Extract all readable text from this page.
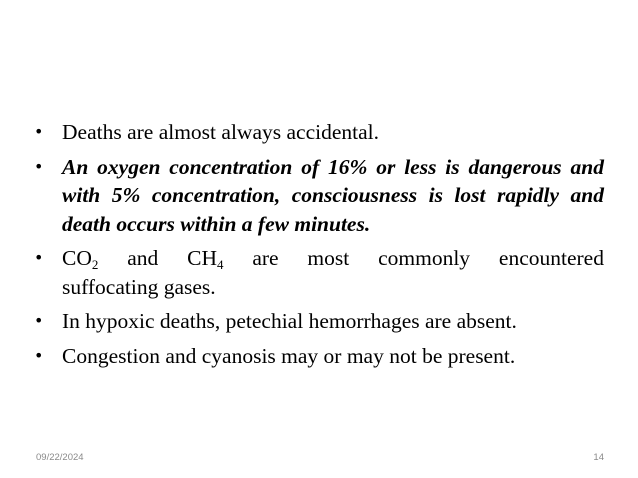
• Deaths are almost always accidental.
• An oxygen concentration of 16% or less is dangerous and with 5% concentration, consciousness is lost rapidly and death occurs within a few minutes.
• $CO_2$ and $CH_4$ are most commonly encountered
suffocating gases.
• In hypoxic deaths, petechial hemorrhages are absent.
• Congestion and cyanosis may or may not be present.
09/22/2024	14
